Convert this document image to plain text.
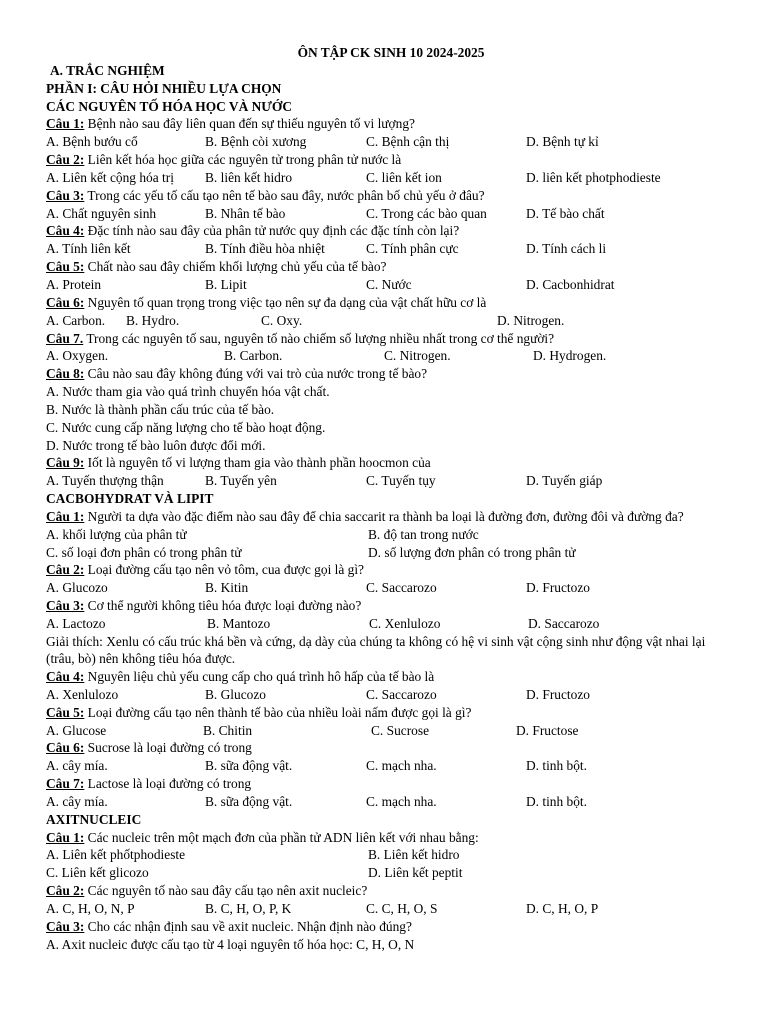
ÔN TẬP CK SINH 10 2024-2025
A. TRẮC NGHIỆM
PHẦN I: CÂU HỎI NHIỀU LỰA CHỌN
CÁC NGUYÊN TỐ HÓA HỌC VÀ NƯỚC
Câu 1: Bệnh nào sau đây liên quan đến sự thiếu nguyên tố vi lượng?
A. Bệnh bướu cổ	B. Bệnh còi xương	C. Bệnh cận thị	D. Bệnh tự kỉ
Câu 2: Liên kết hóa học giữa các nguyên tử trong phân tử nước là
A. Liên kết cộng hóa trị B. liên kết hidro	C. liên kết ion	D. liên kết photphodieste
Câu 3: Trong các yếu tố cấu tạo nên tế bào sau đây, nước phân bố chủ yếu ở đâu?
A. Chất nguyên sinh	B. Nhân tế bào	C. Trong các bào quan	D. Tế bào chất
Câu 4: Đặc tính nào sau đây của phân tử nước quy định các đặc tính còn lại?
A. Tính liên kết	B. Tính điều hòa nhiệt	C. Tính phân cực	D. Tính cách li
Câu 5: Chất nào sau đây chiếm khối lượng chủ yếu của tế bào?
A. Protein	B. Lipit	C. Nước	D. Cacbonhidrat
Câu 6: Nguyên tố quan trọng trong việc tạo nên sự đa dạng của vật chất hữu cơ là
A. Carbon. B. Hydro.	C. Oxy.	D. Nitrogen.
Câu 7. Trong các nguyên tố sau, nguyên tố nào chiếm số lượng nhiều nhất trong cơ thể người?
A. Oxygen.	B. Carbon.	C. Nitrogen.	D. Hydrogen.
Câu 8: Câu nào sau đây không đúng với vai trò của nước trong tế bào?
A. Nước tham gia vào quá trình chuyển hóa vật chất.
B. Nước là thành phần cấu trúc của tế bào.
C. Nước cung cấp năng lượng cho tế bào hoạt động.
D. Nước trong tế bào luôn được đổi mới.
Câu 9: Iốt là nguyên tố vi lượng tham gia vào thành phần hoocmon của
A. Tuyến thượng thận	B. Tuyến yên	C. Tuyến tụy	D. Tuyến giáp
CACBOHYDRAT VÀ LIPIT
Câu 1: Người ta dựa vào đặc điểm nào sau đây để chia saccarit ra thành ba loại là đường đơn, đường đôi và đường đa?
A. khối lượng của phân tử	B. độ tan trong nước
C. số loại đơn phân có trong phân tử	D. số lượng đơn phân có trong phân tử
Câu 2: Loại đường cấu tạo nên vỏ tôm, cua được gọi là gì?
A. Glucozo	B. Kitin	C. Saccarozo	D. Fructozo
Câu 3: Cơ thể người không tiêu hóa được loại đường nào?
A. Lactozo	B. Mantozo	C. Xenlulozo	D. Saccarozo
Giải thích: Xenlu có cấu trúc khá bền và cứng, dạ dày của chúng ta không có hệ vi sinh vật cộng sinh như động vật nhai lại (trâu, bò) nên không tiêu hóa được.
Câu 4: Nguyên liệu chủ yếu cung cấp cho quá trình hô hấp của tế bào là
A. Xenlulozo	B. Glucozo	C. Saccarozo	D. Fructozo
Câu 5: Loại đường cấu tạo nên thành tế bào của nhiều loài nấm được gọi là gì?
A. Glucose	B. Chitin	C. Sucrose	D. Fructose
Câu 6: Sucrose là loại đường có trong
A. cây mía.	B. sữa động vật.	C. mạch nha.	D. tinh bột.
Câu 7: Lactose là loại đường có trong
A. cây mía.	B. sữa động vật.	C. mạch nha.	D. tinh bột.
AXITNUCLEIC
Câu 1: Các nucleic trên một mạch đơn của phần tử ADN liên kết với nhau bằng:
A. Liên kết phốtphodieste	B. Liên kết hidro
C. Liên kết glicozo	D. Liên kết peptit
Câu 2: Các nguyên tố nào sau đây cấu tạo nên axit nucleic?
A. C, H, O, N, P	B. C, H, O, P, K	C. C, H, O, S	D. C, H, O, P
Câu 3: Cho các nhận định sau về axit nucleic. Nhận định nào đúng?
A. Axit nucleic được cấu tạo từ 4 loại nguyên tố hóa học: C, H, O, N
